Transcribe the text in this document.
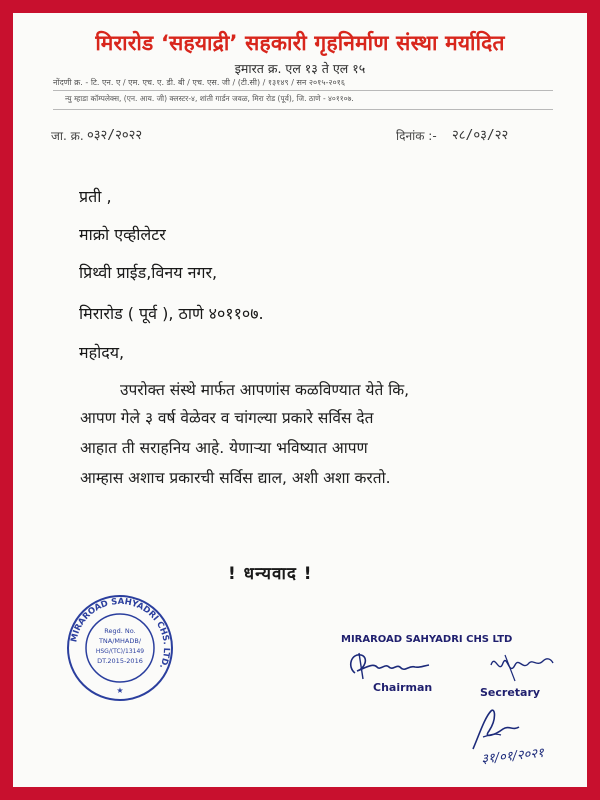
मिरारोड ‘सहयाद्री’ सहकारी गृहनिर्माण संस्था मर्यादित
इमारत क्र. एल १३ ते एल १५
नोंदणी क्र. - टि. एन. ए / एम. एच. ए. डी. बी / एच. एस. जी / (टी.सी) / १३१४९ / सन २०१५-२०१६
न्यु म्हाडा कॉम्पलेक्स, (एन. आय. जी) क्लस्टर-४, शांती गार्डन जवळ, मिरा रोड (पूर्व), जि. ठाणे - ४०११०७.
जा. क्र. ०३२/२०२२	दिनांक :- २८/०३/२२
प्रती ,
माक्रो एव्हीलेटर
प्रिथ्वी प्राईड,विनय नगर,
मिरारोड ( पूर्व ), ठाणे ४०११०७.
महोदय,
उपरोक्त संस्थे मार्फत आपणांस कळविण्यात येते कि,
आपण गेले ३ वर्ष वेळेवर व चांगल्या प्रकारे सर्विस देत
आहात ती सराहनिय आहे. येणाऱ्या भविष्यात आपण
आम्हास अशाच प्रकारची सर्विस द्याल, अशी अशा करतो.
! धन्यवाद !
MIRAROAD SAHYADRI CHS. LTD.
Regd. No.
TNA/MHADB/
HSG/(TC)/13149
DT.2015-2016
★
MIRAROAD SAHYADRI CHS LTD
Chairman	Secretary
३१/०१/२०२१
